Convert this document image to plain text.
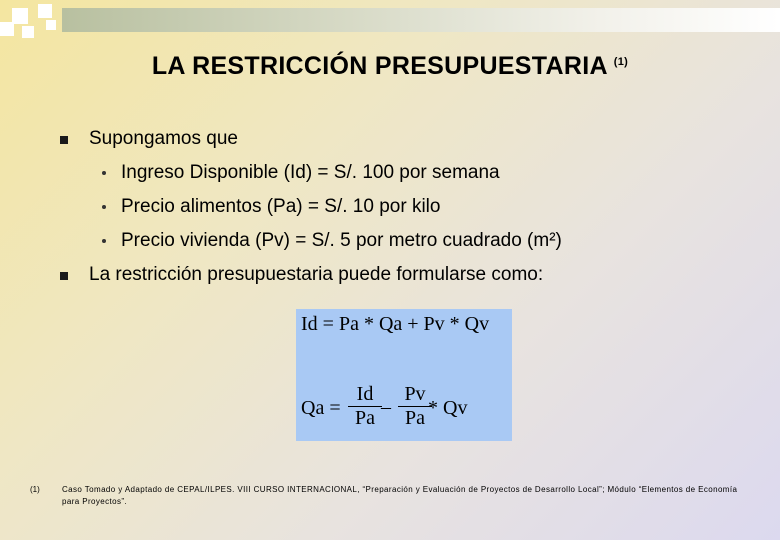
LA RESTRICCIÓN PRESUPUESTARIA $^{(1)}$
Supongamos que
Ingreso Disponible (Id) = S/. 100 por semana
Precio alimentos (Pa) = S/. 10 por kilo
Precio vivienda (Pv) = S/. 5 por metro cuadrado (m²)
La restricción presupuestaria puede formularse como:
Id = Pa * Qa + Pv * Qv
$Qa = \frac{Id}{Pa} - \frac{Pv}{Pa}$
* Qv
(1)	Caso Tomado y Adaptado de CEPAL/ILPES. VIII CURSO INTERNACIONAL, “Preparación y Evaluación de Proyectos de Desarrollo Local”; Módulo “Elementos de Economía para Proyectos”.
